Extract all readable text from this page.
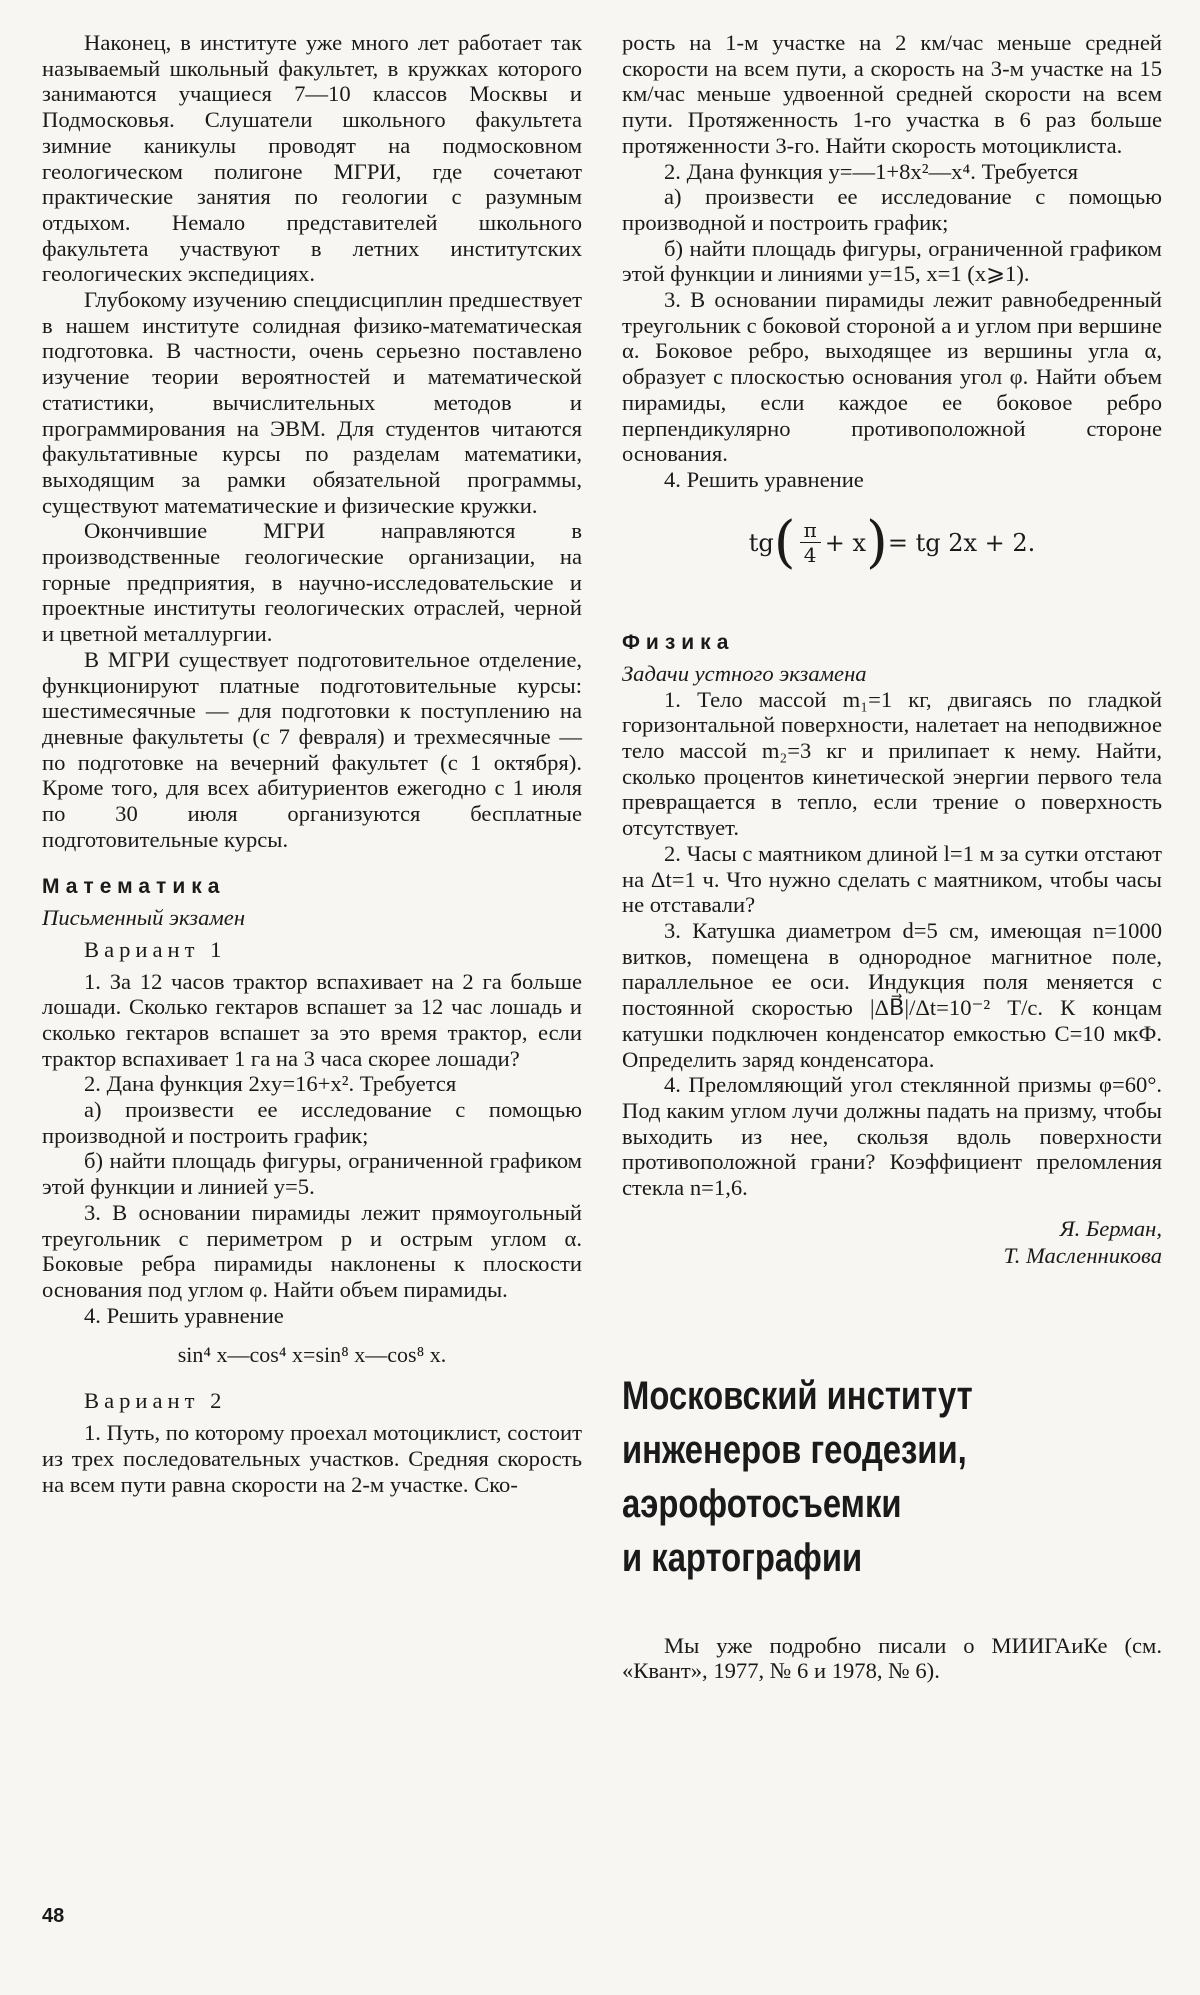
Наконец, в институте уже много лет работает так называемый школьный факультет, в кружках которого занимаются учащиеся 7—10 классов Москвы и Подмосковья. Слушатели школьного факультета зимние каникулы проводят на подмосковном геологическом полигоне МГРИ, где сочетают практические занятия по геологии с разумным отдыхом. Немало представителей школьного факультета участвуют в летних институтских геологических экспедициях.

Глубокому изучению спецдисциплин предшествует в нашем институте солидная физико-математическая подготовка. В частности, очень серьезно поставлено изучение теории вероятностей и математической статистики, вычислительных методов и программирования на ЭВМ. Для студентов читаются факультативные курсы по разделам математики, выходящим за рамки обязательной программы, существуют математические и физические кружки.

Окончившие МГРИ направляются в производственные геологические организации, на горные предприятия, в научно-исследовательские и проектные институты геологических отраслей, черной и цветной металлургии.

В МГРИ существует подготовительное отделение, функционируют платные подготовительные курсы: шестимесячные — для подготовки к поступлению на дневные факультеты (с 7 февраля) и трехмесячные — по подготовке на вечерний факультет (с 1 октября). Кроме того, для всех абитуриентов ежегодно с 1 июля по 30 июля организуются бесплатные подготовительные курсы.

Математика
Письменный экзамен
Вариант 1

1. За 12 часов трактор вспахивает на 2 га больше лошади. Сколько гектаров вспашет за 12 час лошадь и сколько гектаров вспашет за это время трактор, если трактор вспахивает 1 га на 3 часа скорее лошади?

2. Дана функция 2xy=16+x². Требуется

а) произвести ее исследование с помощью производной и построить график;

б) найти площадь фигуры, ограниченной графиком этой функции и линией y=5.

3. В основании пирамиды лежит прямоугольный треугольник с периметром p и острым углом α. Боковые ребра пирамиды наклонены к плоскости основания под углом φ. Найти объем пирамиды.

4. Решить уравнение

sin⁴ x—cos⁴ x=sin⁸ x—cos⁸ x.
Вариант 2

1. Путь, по которому проехал мотоциклист, состоит из трех последовательных участков. Средняя скорость на всем пути равна скорости на 2-м участке. Ско-

рость на 1-м участке на 2 км/час меньше средней скорости на всем пути, а скорость на 3-м участке на 15 км/час меньше удвоенной средней скорости на всем пути. Протяженность 1-го участка в 6 раз больше протяженности 3-го. Найти скорость мотоциклиста.

2. Дана функция y=—1+8x²—x⁴. Требуется

а) произвести ее исследование с помощью производной и построить график;

б) найти площадь фигуры, ограниченной графиком этой функции и линиями y=15, x=1 (x⩾1).

3. В основании пирамиды лежит равнобедренный треугольник с боковой стороной a и углом при вершине α. Боковое ребро, выходящее из вершины угла α, образует с плоскостью основания угол φ. Найти объем пирамиды, если каждое ее боковое ребро перпендикулярно противоположной стороне основания.

4. Решить уравнение

tg ( $\frac{\pi}{4} + x$ ) = tg 2x + 2.
Физика
Задачи устного экзамена

1. Тело массой m₁=1 кг, двигаясь по гладкой горизонтальной поверхности, налетает на неподвижное тело массой m₂=3 кг и прилипает к нему. Найти, сколько процентов кинетической энергии первого тела превращается в тепло, если трение о поверхность отсутствует.

2. Часы с маятником длиной l=1 м за сутки отстают на Δt=1 ч. Что нужно сделать с маятником, чтобы часы не отставали?

3. Катушка диаметром d=5 см, имеющая n=1000 витков, помещена в однородное магнитное поле, параллельное ее оси. Индукция поля меняется с постоянной скоростью |ΔB⃗|/Δt=10⁻² Т/с. К концам катушки подключен конденсатор емкостью C=10 мкФ. Определить заряд конденсатора.

4. Преломляющий угол стеклянной призмы φ=60°. Под каким углом лучи должны падать на призму, чтобы выходить из нее, скользя вдоль поверхности противоположной грани? Коэффициент преломления стекла n=1,6.

Я. Берман,

Т. Масленникова

Московский институт
инженеров геодезии,
аэрофотосъемки
и картографии

Мы уже подробно писали о МИИГАиКе (см. «Квант», 1977, № 6 и 1978, № 6).

48
